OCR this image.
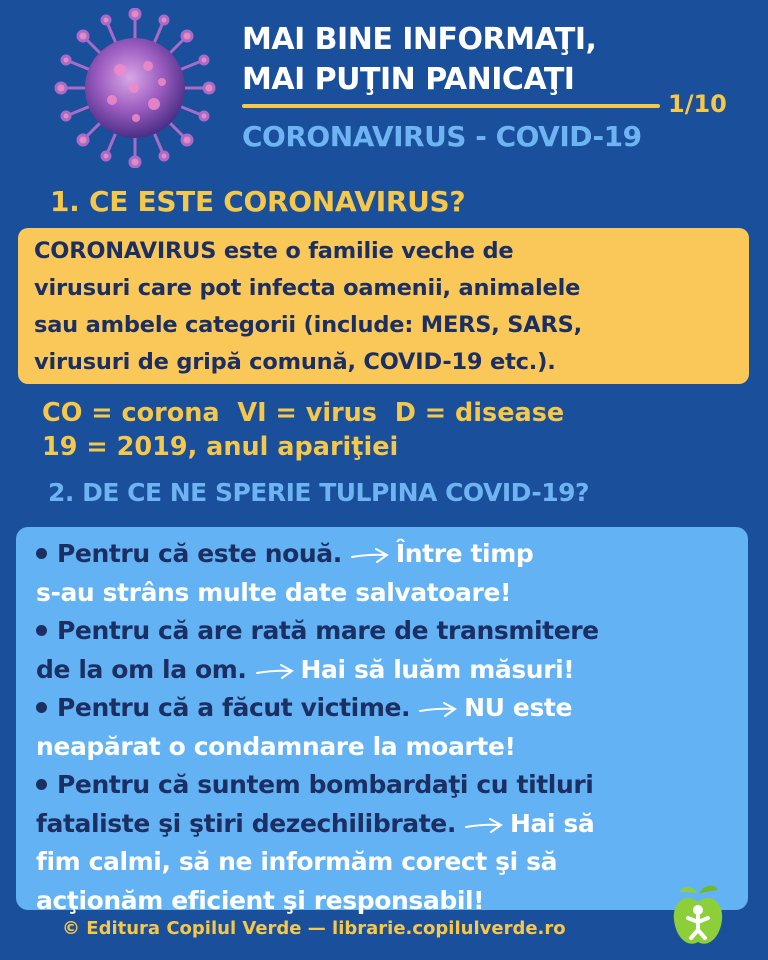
MAI BINE INFORMAŢI,
MAI PUŢIN PANICAŢI
1/10
CORONAVIRUS - COVID-19
1. CE ESTE CORONAVIRUS?
CORONAVIRUS este o familie veche de
virusuri care pot infecta oamenii, animalele
sau ambele categorii (include: MERS, SARS,
virusuri de gripă comună, COVID-19 etc.).
CO = corona  VI = virus  D = disease
19 = 2019, anul apariţiei
2. DE CE NE SPERIE TULPINA COVID-19?
Pentru că este nouă. Între timp
s-au strâns multe date salvatoare!
Pentru că are rată mare de transmitere
de la om la om. Hai să luăm măsuri!
Pentru că a făcut victime. NU este
neapărat o condamnare la moarte!
Pentru că suntem bombardaţi cu titluri
fataliste şi ştiri dezechilibrate. Hai să
fim calmi, să ne informăm corect şi să
acţionăm eficient şi responsabil!
© Editura Copilul Verde — librarie.copilulverde.ro
